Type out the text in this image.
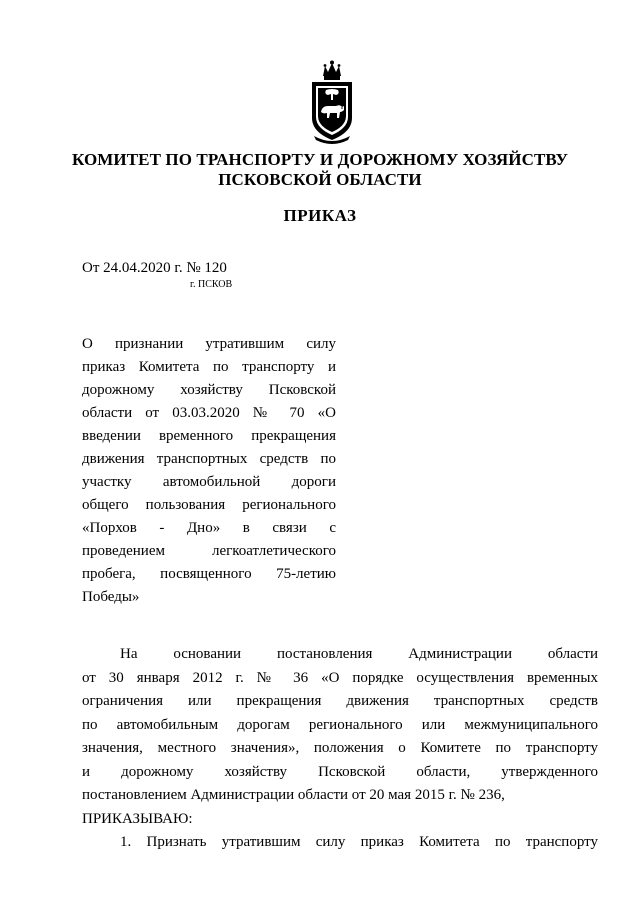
КОМИТЕТ ПО ТРАНСПОРТУ И ДОРОЖНОМУ ХОЗЯЙСТВУ
ПСКОВСКОЙ ОБЛАСТИ
ПРИКАЗ
От 24.04.2020 г. № 120
г. ПСКОВ
О признании утратившим силу
приказ Комитета по транспорту и
дорожному хозяйству Псковской
области от 03.03.2020 № 70 «О
введении временного прекращения
движения транспортных средств по
участку автомобильной дороги
общего пользования регионального
«Порхов - Дно» в связи с
проведением легкоатлетического
пробега, посвященного 75-летию
Победы»
На основании постановления Администрации области
от 30 января 2012 г. № 36 «О порядке осуществления временных
ограничения или прекращения движения транспортных средств
по автомобильным дорогам регионального или межмуниципального
значения, местного значения», положения о Комитете по транспорту
и дорожному хозяйству Псковской области, утвержденного
постановлением Администрации области от 20 мая 2015 г. № 236,
ПРИКАЗЫВАЮ:
1. Признать утратившим силу приказ Комитета по транспорту
